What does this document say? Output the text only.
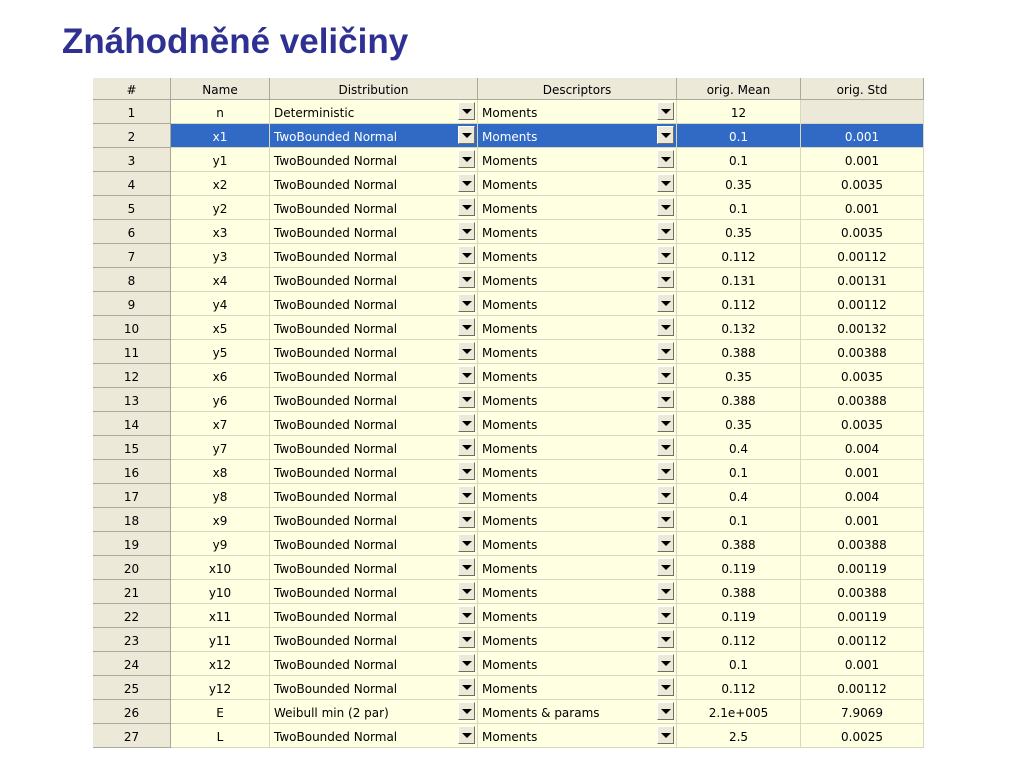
Znáhodněné veličiny
#	Name	Distribution	Descriptors	orig. Mean	orig. Std
1	n	Deterministic	Moments	12
2	x1	TwoBounded Normal	Moments	0.1	0.001
3	y1	TwoBounded Normal	Moments	0.1	0.001
4	x2	TwoBounded Normal	Moments	0.35	0.0035
5	y2	TwoBounded Normal	Moments	0.1	0.001
6	x3	TwoBounded Normal	Moments	0.35	0.0035
7	y3	TwoBounded Normal	Moments	0.112	0.00112
8	x4	TwoBounded Normal	Moments	0.131	0.00131
9	y4	TwoBounded Normal	Moments	0.112	0.00112
10	x5	TwoBounded Normal	Moments	0.132	0.00132
11	y5	TwoBounded Normal	Moments	0.388	0.00388
12	x6	TwoBounded Normal	Moments	0.35	0.0035
13	y6	TwoBounded Normal	Moments	0.388	0.00388
14	x7	TwoBounded Normal	Moments	0.35	0.0035
15	y7	TwoBounded Normal	Moments	0.4	0.004
16	x8	TwoBounded Normal	Moments	0.1	0.001
17	y8	TwoBounded Normal	Moments	0.4	0.004
18	x9	TwoBounded Normal	Moments	0.1	0.001
19	y9	TwoBounded Normal	Moments	0.388	0.00388
20	x10	TwoBounded Normal	Moments	0.119	0.00119
21	y10	TwoBounded Normal	Moments	0.388	0.00388
22	x11	TwoBounded Normal	Moments	0.119	0.00119
23	y11	TwoBounded Normal	Moments	0.112	0.00112
24	x12	TwoBounded Normal	Moments	0.1	0.001
25	y12	TwoBounded Normal	Moments	0.112	0.00112
26	E	Weibull min (2 par)	Moments & params	2.1e+005	7.9069
27	L	TwoBounded Normal	Moments	2.5	0.0025
